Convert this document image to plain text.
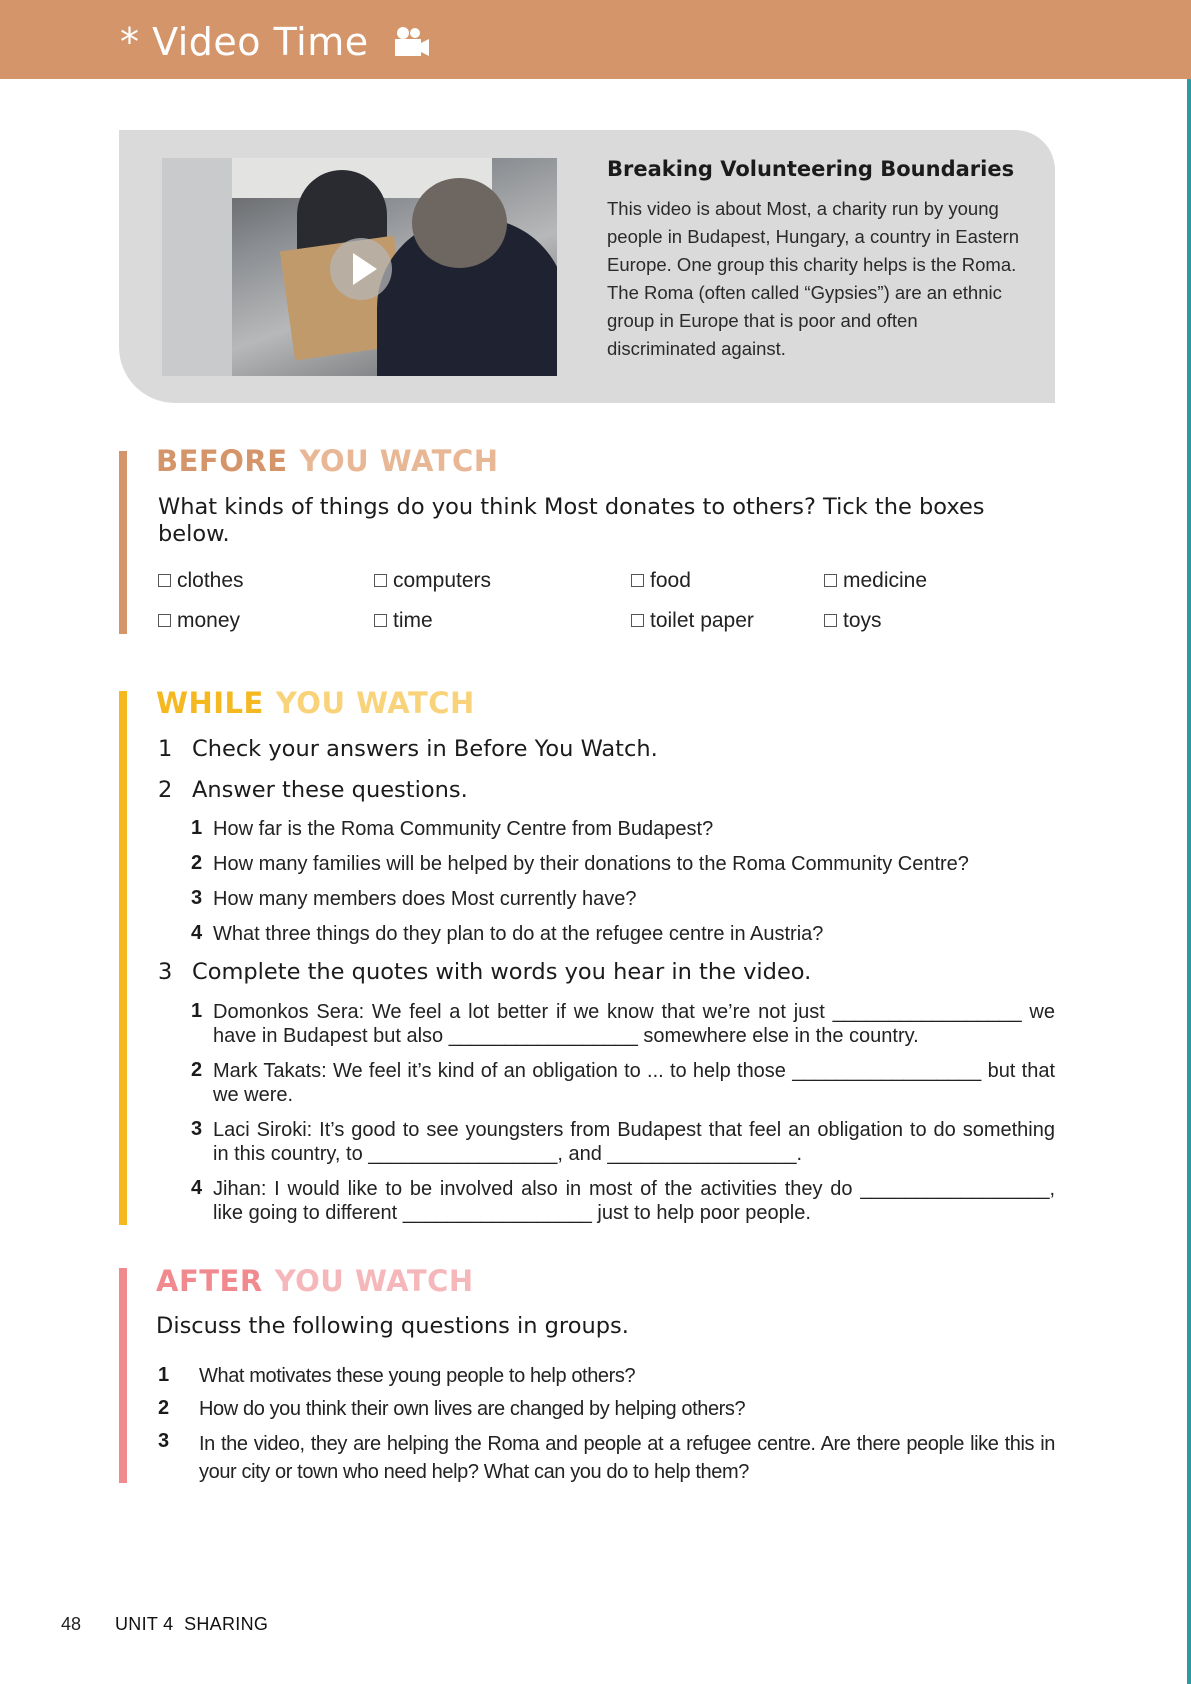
* Video Time
Breaking Volunteering Boundaries
This video is about Most, a charity run by young people in Budapest, Hungary, a country in Eastern Europe. One group this charity helps is the Roma. The Roma (often called “Gypsies”) are an ethnic group in Europe that is poor and often discriminated against.
BEFORE YOU WATCH
What kinds of things do you think Most donates to others? Tick the boxes below.
clothes	computers	food	medicine
money	time	toilet paper	toys
WHILE YOU WATCH
1 Check your answers in Before You Watch.
2 Answer these questions.
1 How far is the Roma Community Centre from Budapest?
2 How many families will be helped by their donations to the Roma Community Centre?
3 How many members does Most currently have?
4 What three things do they plan to do at the refugee centre in Austria?
3 Complete the quotes with words you hear in the video.
1 Domonkos Sera: We feel a lot better if we know that we’re not just _________________ we have in Budapest but also _________________ somewhere else in the country.
2 Mark Takats: We feel it’s kind of an obligation to ... to help those _________________ but that we were.
3 Laci Siroki: It’s good to see youngsters from Budapest that feel an obligation to do something in this country, to _________________, and _________________.
4 Jihan: I would like to be involved also in most of the activities they do _________________, like going to different _________________ just to help poor people.
AFTER YOU WATCH
Discuss the following questions in groups.
1 What motivates these young people to help others?
2 How do you think their own lives are changed by helping others?
3 In the video, they are helping the Roma and people at a refugee centre. Are there people like this in your city or town who need help? What can you do to help them?
48 UNIT 4  SHARING
